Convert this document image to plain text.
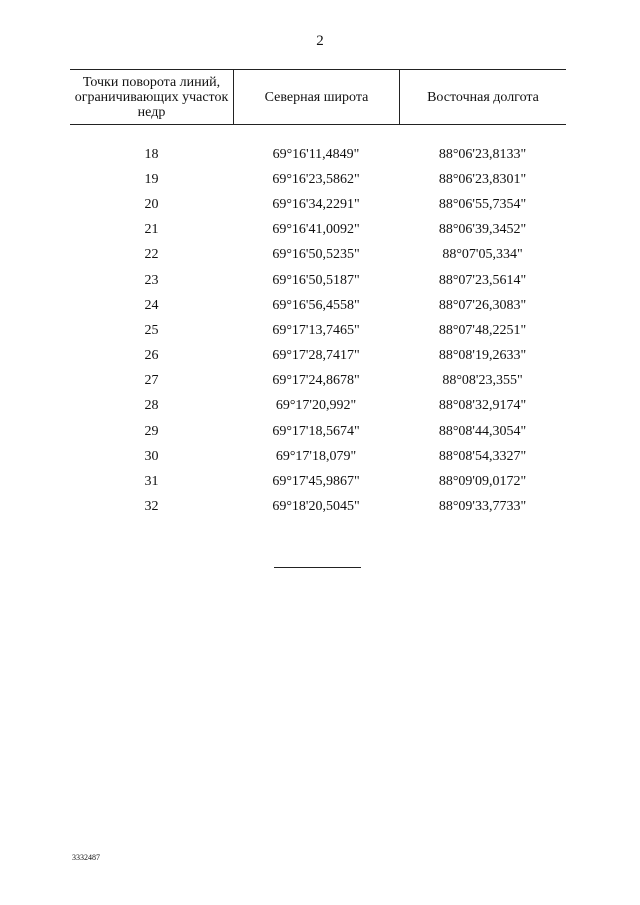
2
Точки поворота линий, ограничивающих участок недр
Северная широта	Восточная долгота
18	69°16'11,4849"	88°06'23,8133"
19	69°16'23,5862"	88°06'23,8301"
20	69°16'34,2291"	88°06'55,7354"
21	69°16'41,0092"	88°06'39,3452"
22	69°16'50,5235"	88°07'05,334"
23	69°16'50,5187"	88°07'23,5614"
24	69°16'56,4558"	88°07'26,3083"
25	69°17'13,7465"	88°07'48,2251"
26	69°17'28,7417"	88°08'19,2633"
27	69°17'24,8678"	88°08'23,355"
28	69°17'20,992"	88°08'32,9174"
29	69°17'18,5674"	88°08'44,3054"
30	69°17'18,079"	88°08'54,3327"
31	69°17'45,9867"	88°09'09,0172"
32	69°18'20,5045"	88°09'33,7733"
3332487
